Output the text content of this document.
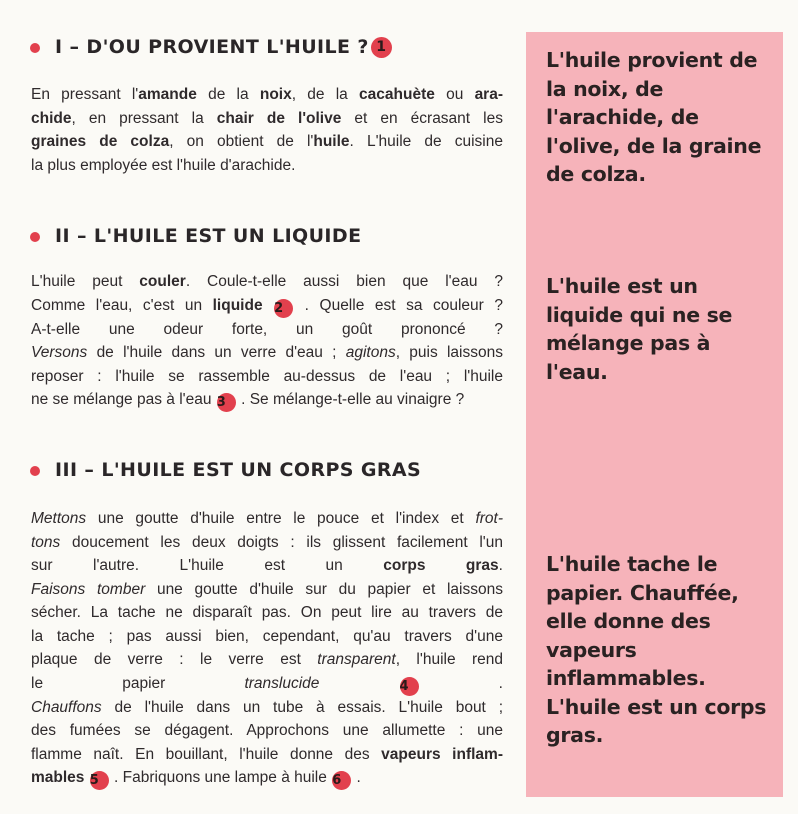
L'huile provient de la noix, de l'arachide, de l'olive, de la graine de colza.
L'huile est un liquide qui ne se mélange pas à l'eau.
L'huile tache le papier. Chauffée, elle donne des vapeurs inflammables. L'huile est un corps gras.
I – D'OU PROVIENT L'HUILE ? 1
En pressant l'amande de la noix, de la cacahuète ou ara-
chide, en pressant la chair de l'olive et en écrasant les
graines de colza, on obtient de l'huile. L'huile de cuisine
la plus employée est l'huile d'arachide.
II – L'HUILE EST UN LIQUIDE
L'huile peut couler. Coule-t-elle aussi bien que l'eau ?
Comme l'eau, c'est un liquide 2 . Quelle est sa couleur ?
A-t-elle une odeur forte, un goût prononcé ?
Versons de l'huile dans un verre d'eau ; agitons, puis laissons
reposer : l'huile se rassemble au-dessus de l'eau ; l'huile
ne se mélange pas à l'eau 3 . Se mélange-t-elle au vinaigre ?
III – L'HUILE EST UN CORPS GRAS
Mettons une goutte d'huile entre le pouce et l'index et frot-
tons doucement les deux doigts : ils glissent facilement l'un
sur l'autre. L'huile est un corps gras.
Faisons tomber une goutte d'huile sur du papier et laissons
sécher. La tache ne disparaît pas. On peut lire au travers de
la tache ; pas aussi bien, cependant, qu'au travers d'une
plaque de verre : le verre est transparent, l'huile rend
le papier translucide	4 .
Chauffons de l'huile dans un tube à essais. L'huile bout ;
des fumées se dégagent. Approchons une allumette : une
flamme naît. En bouillant, l'huile donne des vapeurs inflam-
mables 5 . Fabriquons une lampe à huile 6 .
